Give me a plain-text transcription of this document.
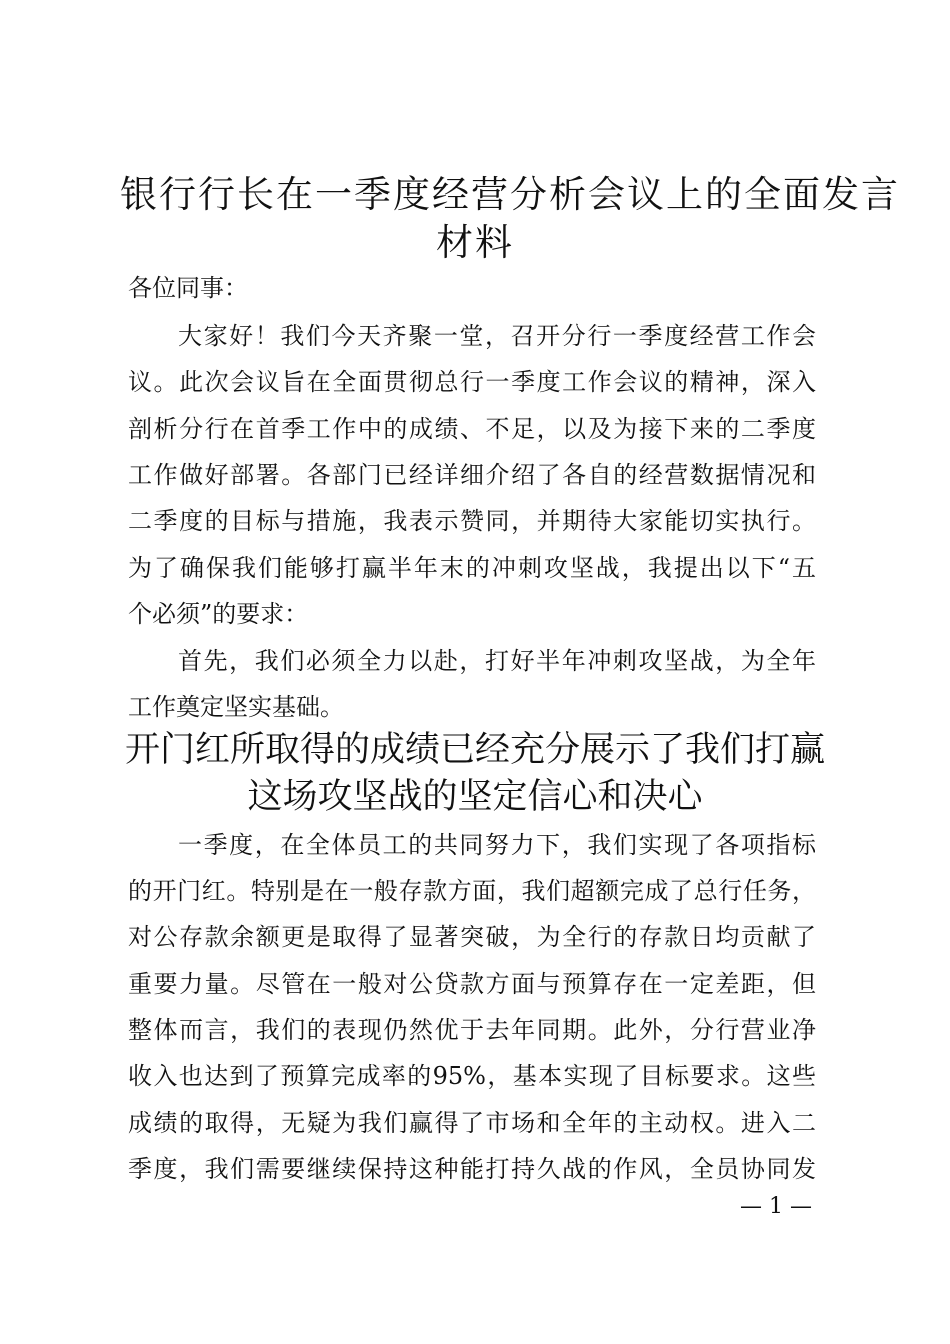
银行行长在一季度经营分析会议上的全面发言
材料
各位同事：
大家好！我们今天齐聚一堂，召开分行一季度经营工作会
议。此次会议旨在全面贯彻总行一季度工作会议的精神，深入
剖析分行在首季工作中的成绩、不足，以及为接下来的二季度
工作做好部署。各部门已经详细介绍了各自的经营数据情况和
二季度的目标与措施，我表示赞同，并期待大家能切实执行。
为了确保我们能够打赢半年末的冲刺攻坚战，我提出以下“五
个必须”的要求：
首先，我们必须全力以赴，打好半年冲刺攻坚战，为全年
工作奠定坚实基础。
开门红所取得的成绩已经充分展示了我们打赢
这场攻坚战的坚定信心和决心
一季度，在全体员工的共同努力下，我们实现了各项指标
的开门红。特别是在一般存款方面，我们超额完成了总行任务，
对公存款余额更是取得了显著突破，为全行的存款日均贡献了
重要力量。尽管在一般对公贷款方面与预算存在一定差距，但
整体而言，我们的表现仍然优于去年同期。此外，分行营业净
收入也达到了预算完成率的95%，基本实现了目标要求。这些
成绩的取得，无疑为我们赢得了市场和全年的主动权。进入二
季度，我们需要继续保持这种能打持久战的作风，全员协同发
— 1 —
